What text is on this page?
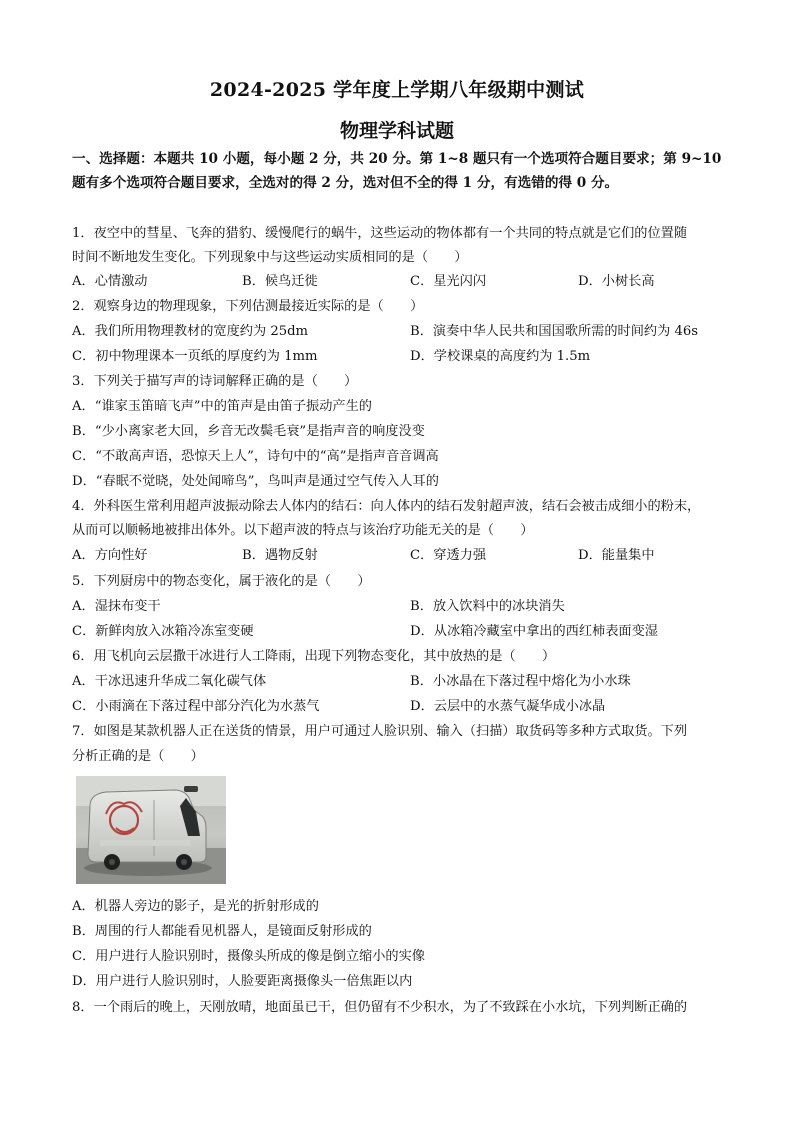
2024-2025 学年度上学期八年级期中测试
物理学科试题
一、选择题：本题共 10 小题，每小题 2 分，共 20 分。第 1~8 题只有一个选项符合题目要求；第 9~10 题有多个选项符合题目要求，全选对的得 2 分，选对但不全的得 1 分，有选错的得 0 分。
1．夜空中的彗星、飞奔的猎豹、缓慢爬行的蜗牛，这些运动的物体都有一个共同的特点就是它们的位置随
时间不断地发生变化。下列现象中与这些运动实质相同的是（　　）
A．心情激动	B．候鸟迁徙	C．星光闪闪	D．小树长高
2．观察身边的物理现象，下列估测最接近实际的是（　　）
A．我们所用物理教材的宽度约为 25dm	B．演奏中华人民共和国国歌所需的时间约为 46s
C．初中物理课本一页纸的厚度约为 1mm	D．学校课桌的高度约为 1.5m
3．下列关于描写声的诗词解释正确的是（　　）
A．“谁家玉笛暗飞声”中的笛声是由笛子振动产生的
B．“少小离家老大回，乡音无改鬓毛衰”是指声音的响度没变
C．“不敢高声语，恐惊天上人”，诗句中的“高”是指声音音调高
D．“春眠不觉晓，处处闻啼鸟”，鸟叫声是通过空气传入人耳的
4．外科医生常利用超声波振动除去人体内的结石：向人体内的结石发射超声波，结石会被击成细小的粉末，
从而可以顺畅地被排出体外。以下超声波的特点与该治疗功能无关的是（　　）
A．方向性好	B．遇物反射	C．穿透力强	D．能量集中
5．下列厨房中的物态变化，属于液化的是（　　）
A．湿抹布变干	B．放入饮料中的冰块消失
C．新鲜肉放入冰箱冷冻室变硬	D．从冰箱冷藏室中拿出的西红柿表面变湿
6．用飞机向云层撒干冰进行人工降雨，出现下列物态变化，其中放热的是（　　）
A．干冰迅速升华成二氧化碳气体	B．小冰晶在下落过程中熔化为小水珠
C．小雨滴在下落过程中部分汽化为水蒸气	D．云层中的水蒸气凝华成小冰晶
7．如图是某款机器人正在送货的情景，用户可通过人脸识别、输入（扫描）取货码等多种方式取货。下列
分析正确的是（　　）
A．机器人旁边的影子，是光的折射形成的
B．周围的行人都能看见机器人，是镜面反射形成的
C．用户进行人脸识别时，摄像头所成的像是倒立缩小的实像
D．用户进行人脸识别时，人脸要距离摄像头一倍焦距以内
8．一个雨后的晚上，天刚放晴，地面虽已干，但仍留有不少积水，为了不致踩在小水坑，下列判断正确的
